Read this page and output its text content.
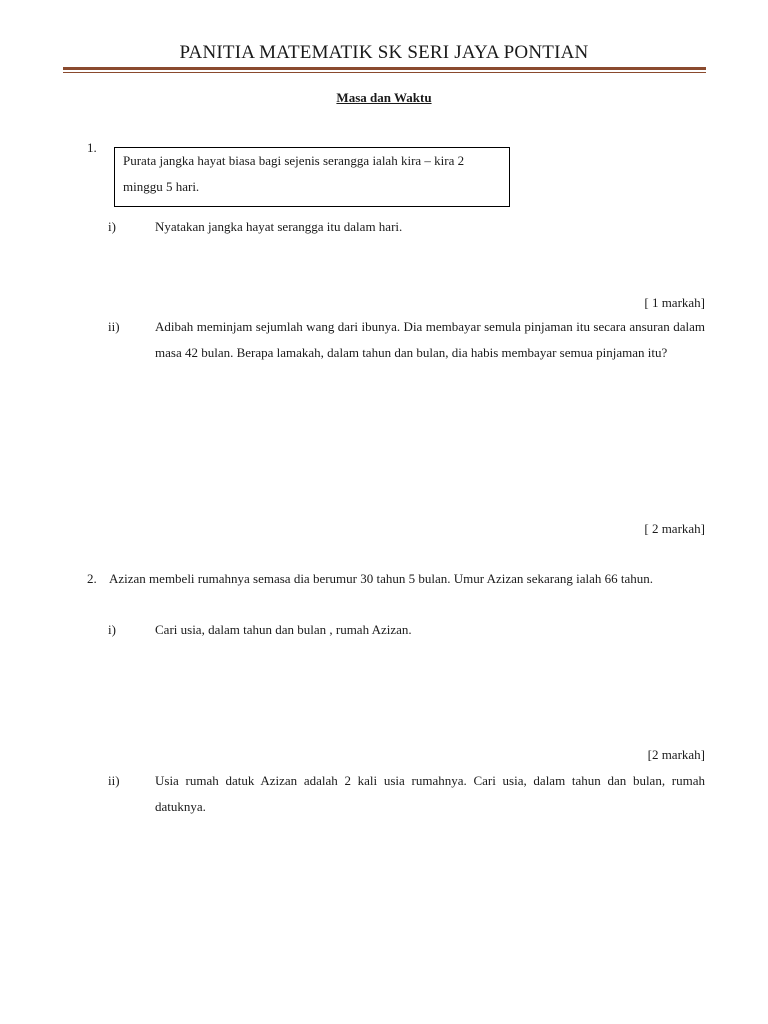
PANITIA MATEMATIK SK SERI JAYA PONTIAN
Masa dan Waktu
1.
Purata jangka hayat biasa bagi sejenis serangga ialah kira – kira 2 minggu 5 hari.
i)	Nyatakan jangka hayat serangga itu dalam hari.
[ 1 markah]
ii)	Adibah meminjam sejumlah wang dari ibunya. Dia membayar semula pinjaman itu secara ansuran dalam masa 42 bulan. Berapa lamakah, dalam tahun dan bulan, dia habis membayar semua pinjaman itu?
[ 2 markah]
2. Azizan membeli rumahnya semasa dia berumur 30 tahun 5 bulan. Umur Azizan sekarang ialah 66 tahun.
i)	Cari usia, dalam tahun dan bulan , rumah Azizan.
[2 markah]
ii)	Usia rumah datuk Azizan adalah 2 kali usia rumahnya. Cari usia, dalam tahun dan bulan, rumah datuknya.
